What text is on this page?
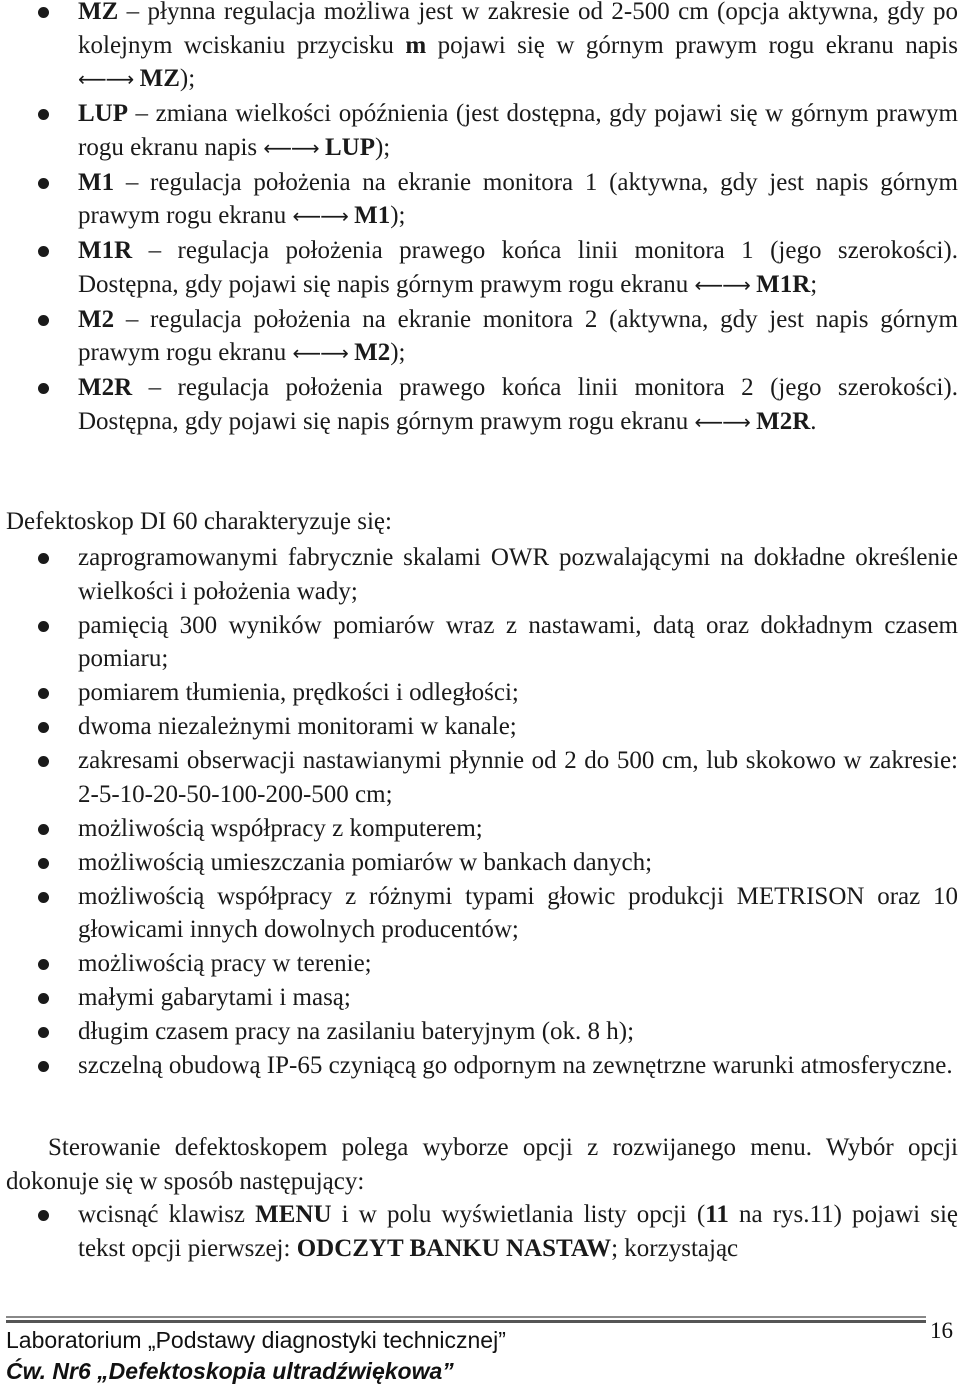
MZ – płynna regulacja możliwa jest w zakresie od 2-500 cm (opcja aktywna, gdy po kolejnym wciskaniu przycisku m pojawi się w górnym prawym rogu ekranu napis ⟵⟶ MZ);
LUP – zmiana wielkości opóźnienia (jest dostępna, gdy pojawi się w górnym prawym rogu ekranu napis ⟵⟶ LUP);
M1 – regulacja położenia na ekranie monitora 1 (aktywna, gdy jest napis górnym prawym rogu ekranu ⟵⟶ M1);
M1R – regulacja położenia prawego końca linii monitora 1 (jego szerokości). Dostępna, gdy pojawi się napis górnym prawym rogu ekranu ⟵⟶ M1R;
M2 – regulacja położenia na ekranie monitora 2 (aktywna, gdy jest napis górnym prawym rogu ekranu ⟵⟶ M2);
M2R – regulacja położenia prawego końca linii monitora 2 (jego szerokości). Dostępna, gdy pojawi się napis górnym prawym rogu ekranu ⟵⟶ M2R.
Defektoskop DI 60 charakteryzuje się:
zaprogramowanymi fabrycznie skalami OWR pozwalającymi na dokładne określenie wielkości i położenia wady;
pamięcią 300 wyników pomiarów wraz z nastawami, datą oraz dokładnym czasem pomiaru;
pomiarem tłumienia, prędkości i odległości;
dwoma niezależnymi monitorami w kanale;
zakresami obserwacji nastawianymi płynnie od 2 do 500 cm, lub skokowo w zakresie: 2-5-10-20-50-100-200-500 cm;
możliwością współpracy z komputerem;
możliwością umieszczania pomiarów w bankach danych;
możliwością współpracy z różnymi typami głowic produkcji METRISON oraz 10 głowicami innych dowolnych producentów;
możliwością pracy w terenie;
małymi gabarytami i masą;
długim czasem pracy na zasilaniu bateryjnym (ok. 8 h);
szczelną obudową IP-65 czyniącą go odpornym na zewnętrzne warunki atmosferyczne.
Sterowanie defektoskopem polega wyborze opcji z rozwijanego menu. Wybór opcji dokonuje się w sposób następujący:
wcisnąć klawisz MENU i w polu wyświetlania listy opcji (11 na rys.11) pojawi się tekst opcji pierwszej: ODCZYT BANKU NASTAW; korzystając
Laboratorium „Podstawy diagnostyki technicznej”
Ćw. Nr6 „Defektoskopia ultradźwiękowa”
16
